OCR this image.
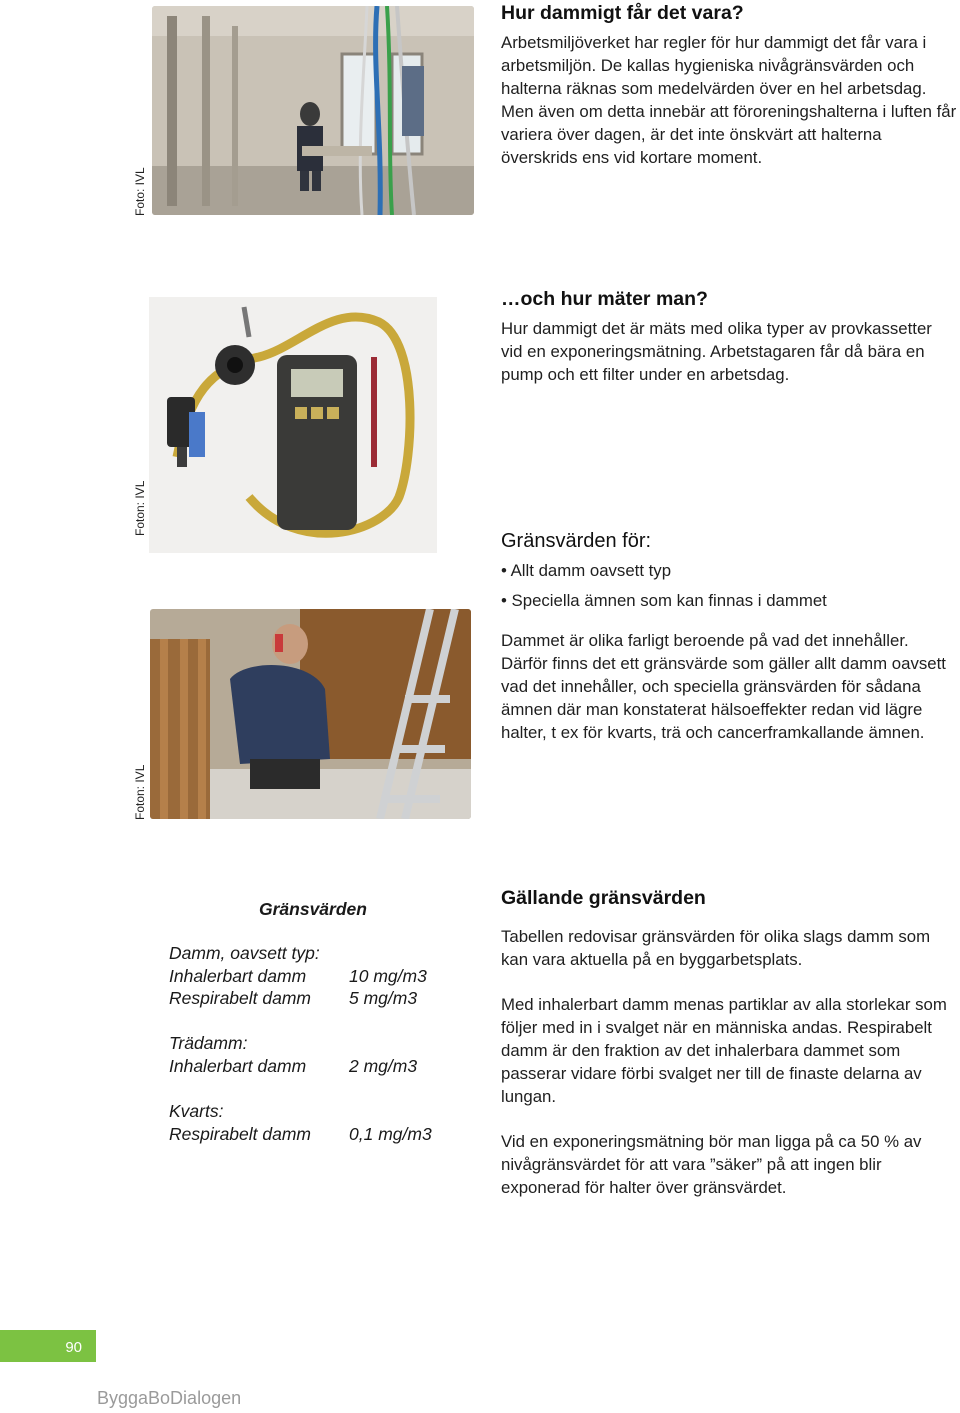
Foto: IVL
Hur dammigt får det vara?

Arbetsmiljöverket har regler för hur dammigt det får vara i arbetsmiljön. De kallas hygieniska nivågränsvärden och halterna räknas som medelvärden över en hel arbetsdag. Men även om detta innebär att föroreningshalterna i luften får variera över dagen, är det inte önskvärt att halterna överskrids ens vid kortare moment.

Foton: IVL
…och hur mäter man?

Hur dammigt det är mäts med olika typer av provkassetter vid en exponeringsmätning. Arbetstagaren får då bära en pump och ett filter under en arbetsdag.

Foton: IVL
Gränsvärden för:
• Allt damm oavsett typ
• Speciella ämnen som kan finnas i dammet

Dammet är olika farligt beroende på vad det innehåller. Därför finns det ett gränsvärde som gäller allt damm oavsett vad det innehåller, och speciella gränsvärden för sådana ämnen där man konstaterat hälsoeffekter redan vid lägre halter, t ex för kvarts, trä och cancerframkallande ämnen.

Gränsvärden
Damm, oavsett typ:
Inhalerbart damm	10 mg/m3
Respirabelt damm	5 mg/m3
Trädamm:
Inhalerbart damm	2 mg/m3
Kvarts:
Respirabelt damm	0,1 mg/m3
Gällande gränsvärden

Tabellen redovisar gränsvärden för olika slags damm som kan vara aktuella på en byggarbetsplats.

Med inhalerbart damm menas partiklar av alla storlekar som följer med in i svalget när en människa andas. Respirabelt damm är den fraktion av det inhalerbara dammet som passerar vidare förbi svalget ner till de finaste delarna av lungan.

Vid en exponeringsmätning bör man ligga på ca 50 % av nivågränsvärdet för att vara ”säker” på att ingen blir exponerad för halter över gränsvärdet.

90
ByggaBoDialogen
